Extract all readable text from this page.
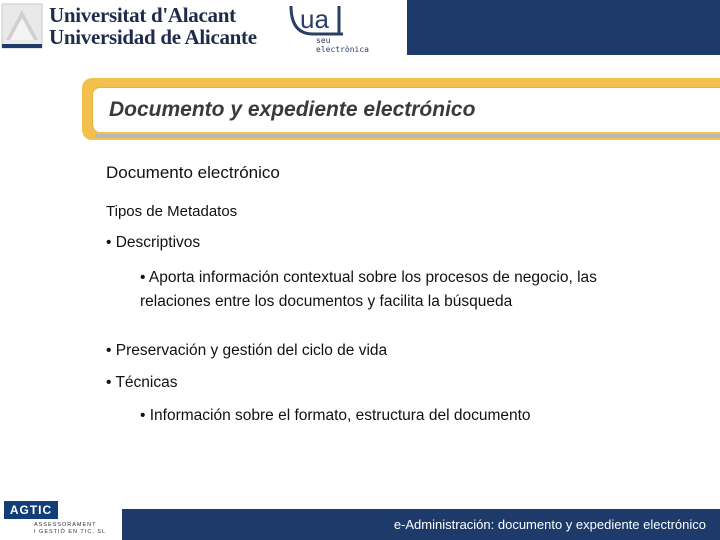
Universitat d'Alacant
Universidad de Alicante
ua
seu
electrònica
Documento y expediente electrónico
Documento electrónico
Tipos de Metadatos
• Descriptivos
• Aporta información contextual sobre los procesos de negocio, las relaciones entre los documentos y facilita la búsqueda
• Preservación y gestión del ciclo de vida
• Técnicas
• Información sobre el formato, estructura del documento
AGTIC
ASSESSORAMENT
I GESTIÓ EN TIC, SL	e-Administración: documento y expediente electrónico
